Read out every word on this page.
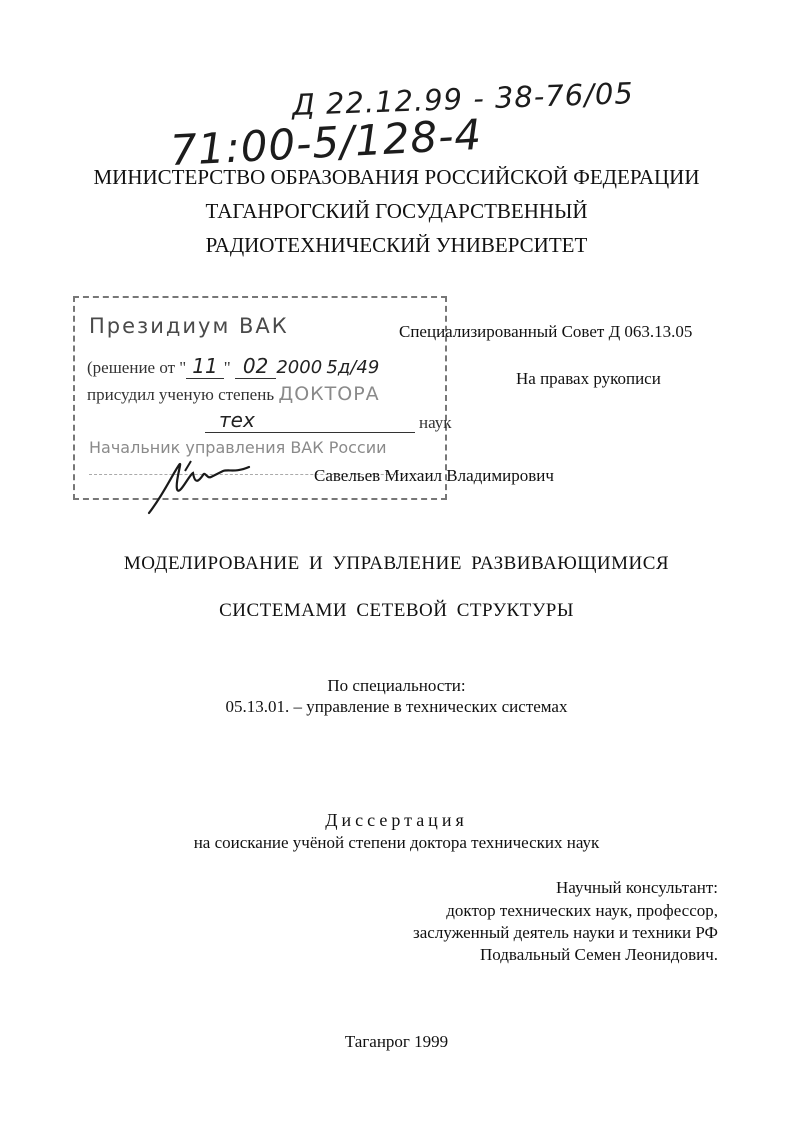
Д 22.12.99 - 38-76/05
71:00-5/128-4
МИНИСТЕРСТВО ОБРАЗОВАНИЯ РОССИЙСКОЙ ФЕДЕРАЦИИ
ТАГАНРОГСКИЙ ГОСУДАРСТВЕННЫЙ
РАДИОТЕХНИЧЕСКИЙ УНИВЕРСИТЕТ
Президиум ВАК
(решение от " 11 " 02 2000 5д/49
присудил ученую степень ДОКТОРА
тех	наук
Начальник управления ВАК России
Специализированный Совет Д 063.13.05
На правах рукописи
Савельев Михаил Владимирович
МОДЕЛИРОВАНИЕ И УПРАВЛЕНИЕ РАЗВИВАЮЩИМИСЯ
СИСТЕМАМИ СЕТЕВОЙ СТРУКТУРЫ
По специальности:
05.13.01. – управление в технических системах
Диссертация
на соискание учёной степени доктора технических наук
Научный консультант:
доктор технических наук, профессор,
заслуженный деятель науки и техники РФ
Подвальный Семен Леонидович.
Таганрог 1999
